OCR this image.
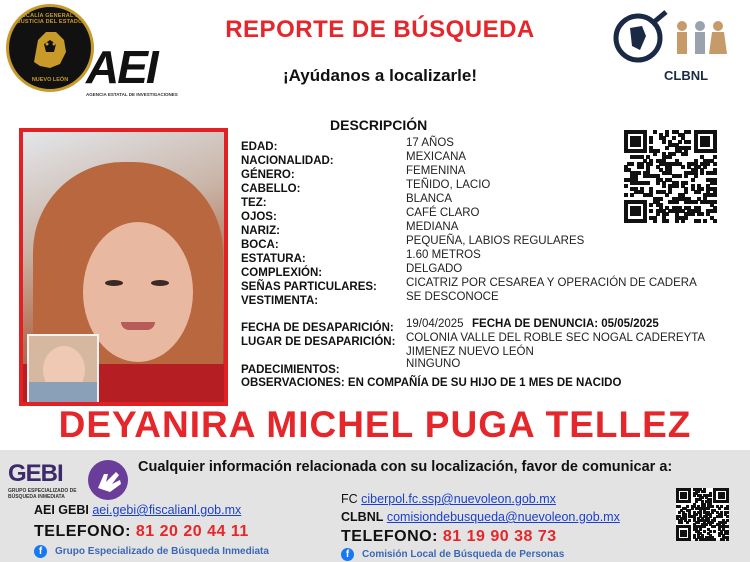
FISCALÍA GENERAL DE JUSTICIA DEL ESTADO
NUEVO LEÓN AEI
AGENCIA ESTATAL DE INVESTIGACIONES
REPORTE DE BÚSQUEDA
¡Ayúdanos a localizarle!	CLBNL
DESCRIPCIÓN
EDAD:	17 AÑOS
NACIONALIDAD:	MEXICANA
GÉNERO:	FEMENINA
CABELLO:	TEÑIDO, LACIO
TEZ:	BLANCA
OJOS:	CAFÉ CLARO
NARIZ:	MEDIANA
BOCA:	PEQUEÑA, LABIOS REGULARES
ESTATURA:	1.60 METROS
COMPLEXIÓN:	DELGADO
SEÑAS PARTICULARES:	CICATRIZ POR CESAREA Y OPERACIÓN DE CADERA
VESTIMENTA:	SE DESCONOCE
FECHA DE DESAPARICIÓN: 19/04/2025 FECHA DE DENUNCIA: 05/05/2025
LUGAR DE DESAPARICIÓN: COLONIA VALLE DEL ROBLE SEC NOGAL CADEREYTA
JIMENEZ NUEVO LEÓN
PADECIMIENTOS:	NINGUNO
OBSERVACIONES: EN COMPAÑÍA DE SU HIJO DE 1 MES DE NACIDO
DEYANIRA MICHEL PUGA TELLEZ
GEBI
GRUPO ESPECIALIZADO DE BÚSQUEDA INMEDIATA
Cualquier información relacionada con su localización, favor de comunicar a:
AEI GEBI aei.gebi@fiscalianl.gob.mx
TELEFONO: 81 20 20 44 11
f	Grupo Especializado de Búsqueda Inmediata
FC ciberpol.fc.ssp@nuevoleon.gob.mx
CLBNL comisiondebusqueda@nuevoleon.gob.mx
TELEFONO: 81 19 90 38 73
f	Comisión Local de Búsqueda de Personas
